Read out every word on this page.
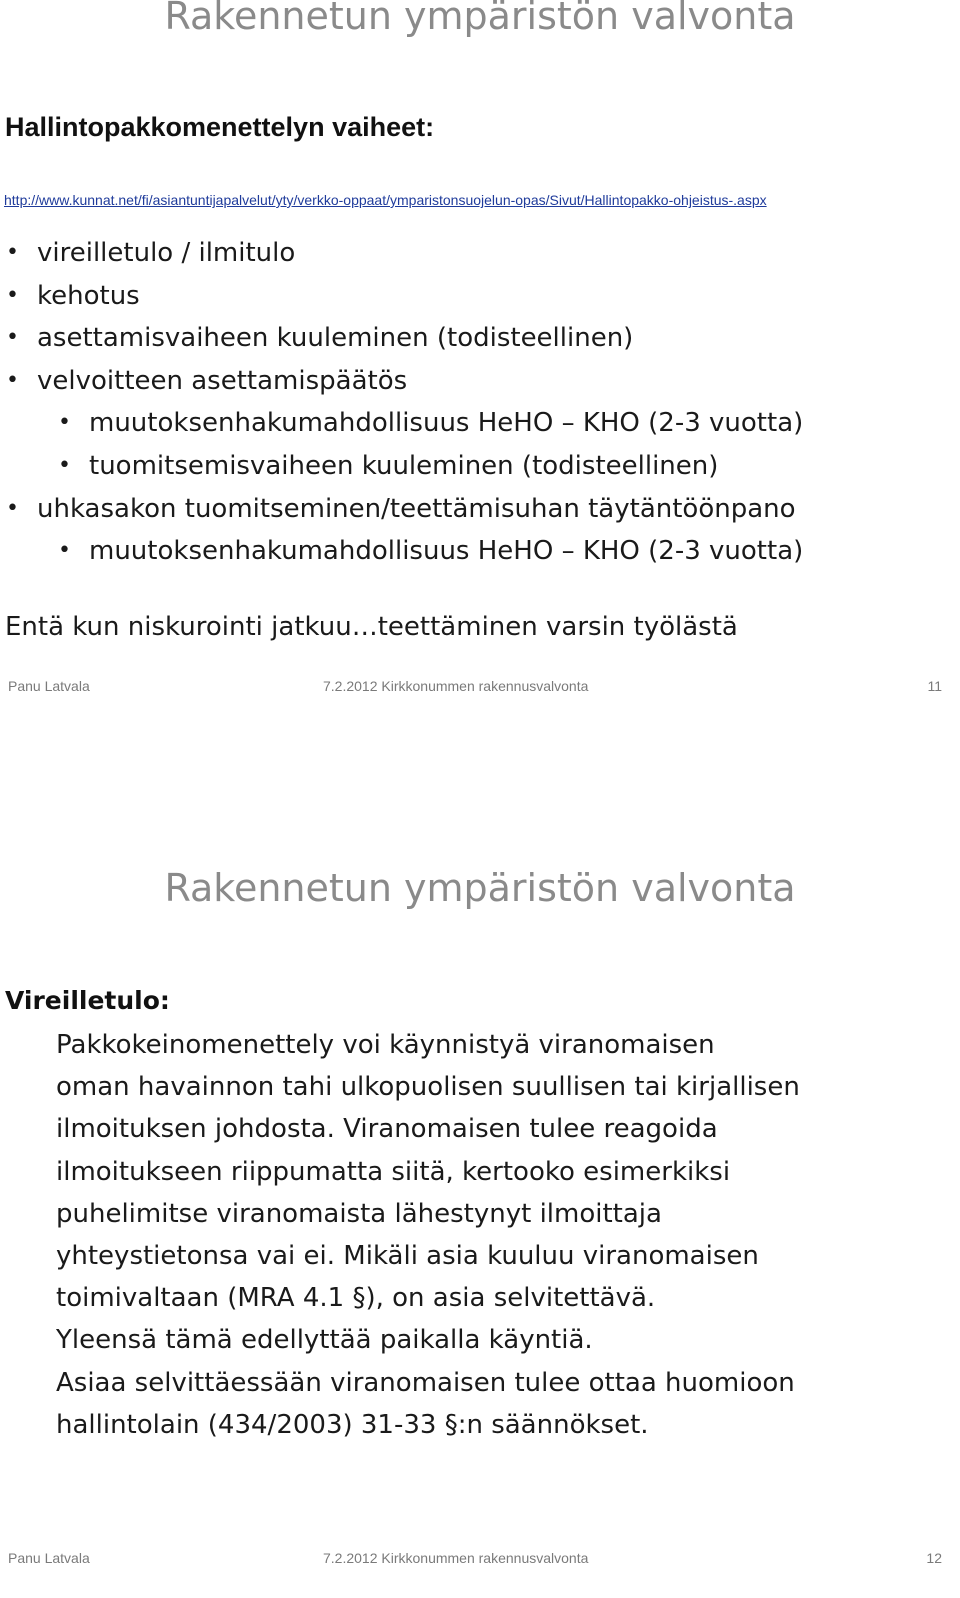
Rakennetun ympäristön valvonta
Hallintopakkomenettelyn vaiheet:
http://www.kunnat.net/fi/asiantuntijapalvelut/yty/verkko-oppaat/ymparistonsuojelun-opas/Sivut/Hallintopakko-ohjeistus-.aspx
• vireilletulo / ilmitulo
• kehotus
• asettamisvaiheen kuuleminen (todisteellinen)
• velvoitteen asettamispäätös
• muutoksenhakumahdollisuus HeHO – KHO (2-3 vuotta)
• tuomitsemisvaiheen kuuleminen (todisteellinen)
• uhkasakon tuomitseminen/teettämisuhan täytäntöönpano
• muutoksenhakumahdollisuus HeHO – KHO (2-3 vuotta)
Entä kun niskurointi jatkuu…teettäminen varsin työlästä
Panu Latvala	7.2.2012 Kirkkonummen rakennusvalvonta	11
Rakennetun ympäristön valvonta
Vireilletulo:
Pakkokeinomenettely voi käynnistyä viranomaisen
oman havainnon tahi ulkopuolisen suullisen tai kirjallisen
ilmoituksen johdosta. Viranomaisen tulee reagoida
ilmoitukseen riippumatta siitä, kertooko esimerkiksi
puhelimitse viranomaista lähestynyt ilmoittaja
yhteystietonsa vai ei. Mikäli asia kuuluu viranomaisen
toimivaltaan (MRA 4.1 §), on asia selvitettävä.
Yleensä tämä edellyttää paikalla käyntiä.
Asiaa selvittäessään viranomaisen tulee ottaa huomioon
hallintolain (434/2003) 31-33 §:n säännökset.
Panu Latvala	7.2.2012 Kirkkonummen rakennusvalvonta	12
